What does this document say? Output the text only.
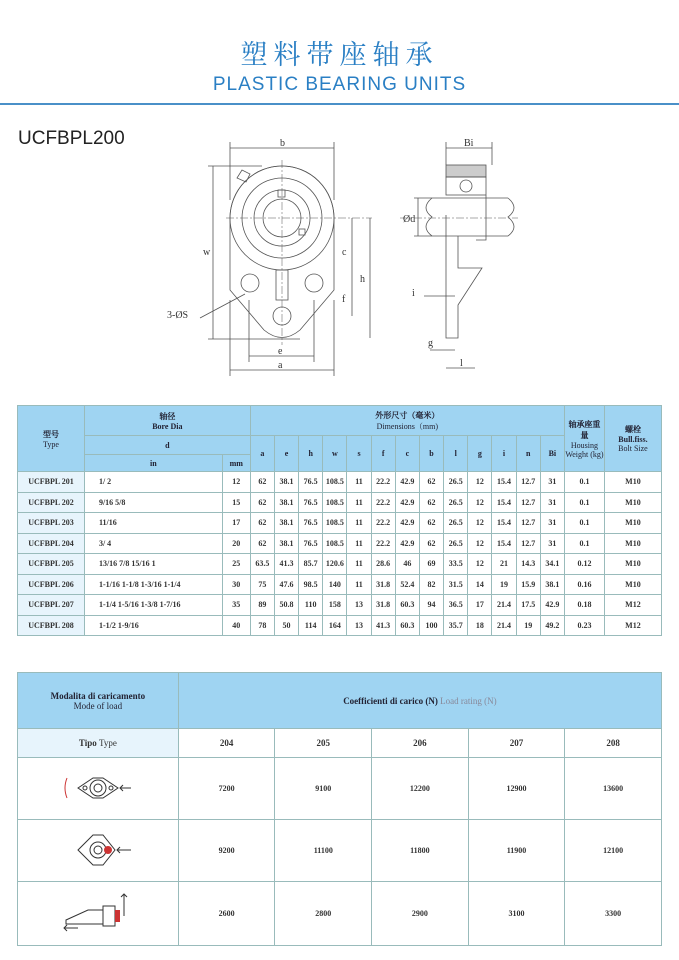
塑料带座轴承
PLASTIC BEARING UNITS
UCFBPL200	b	Bi
w	c
h
f
e
a
3-ØS
Ød
i
g
l
型号
Type	轴径
Bore Dia		外形尺寸（毫米）
Dimensions（mm)													轴承座重量
Housing Weight (kg)	螺栓
Bull.fiss.
Bolt Size
	d		a	e	h	w	s	f	c	b	l	g	i	n	Bi		
	in	mm															
UCFBPL 201	1/ 2	12	62	38.1	76.5	108.5	11	22.2	42.9	62	26.5	12	15.4	12.7	31	0.1	M10
UCFBPL 202	9/16 5/8	15	62	38.1	76.5	108.5	11	22.2	42.9	62	26.5	12	15.4	12.7	31	0.1	M10
UCFBPL 203	11/16	17	62	38.1	76.5	108.5	11	22.2	42.9	62	26.5	12	15.4	12.7	31	0.1	M10
UCFBPL 204	3/ 4	20	62	38.1	76.5	108.5	11	22.2	42.9	62	26.5	12	15.4	12.7	31	0.1	M10
UCFBPL 205	13/16 7/8 15/16 1	25	63.5	41.3	85.7	120.6	11	28.6	46	69	33.5	12	21	14.3	34.1	0.12	M10
UCFBPL 206	1-1/16 1-1/8 1-3/16 1-1/4	30	75	47.6	98.5	140	11	31.8	52.4	82	31.5	14	19	15.9	38.1	0.16	M10
UCFBPL 207	1-1/4 1-5/16 1-3/8 1-7/16	35	89	50.8	110	158	13	31.8	60.3	94	36.5	17	21.4	17.5	42.9	0.18	M12
UCFBPL 208	1-1/2 1-9/16	40	78	50	114	164	13	41.3	60.3	100	35.7	18	21.4	19	49.2	0.23	M12
Modalita di caricamento
Mode of load	Coefficienti di carico (N) Load rating (N)				
Tipo Type	204	205	206	207	208
	7200	9100	12200	12900	13600
	9200	11100	11800	11900	12100
	2600	2800	2900	3100	3300
